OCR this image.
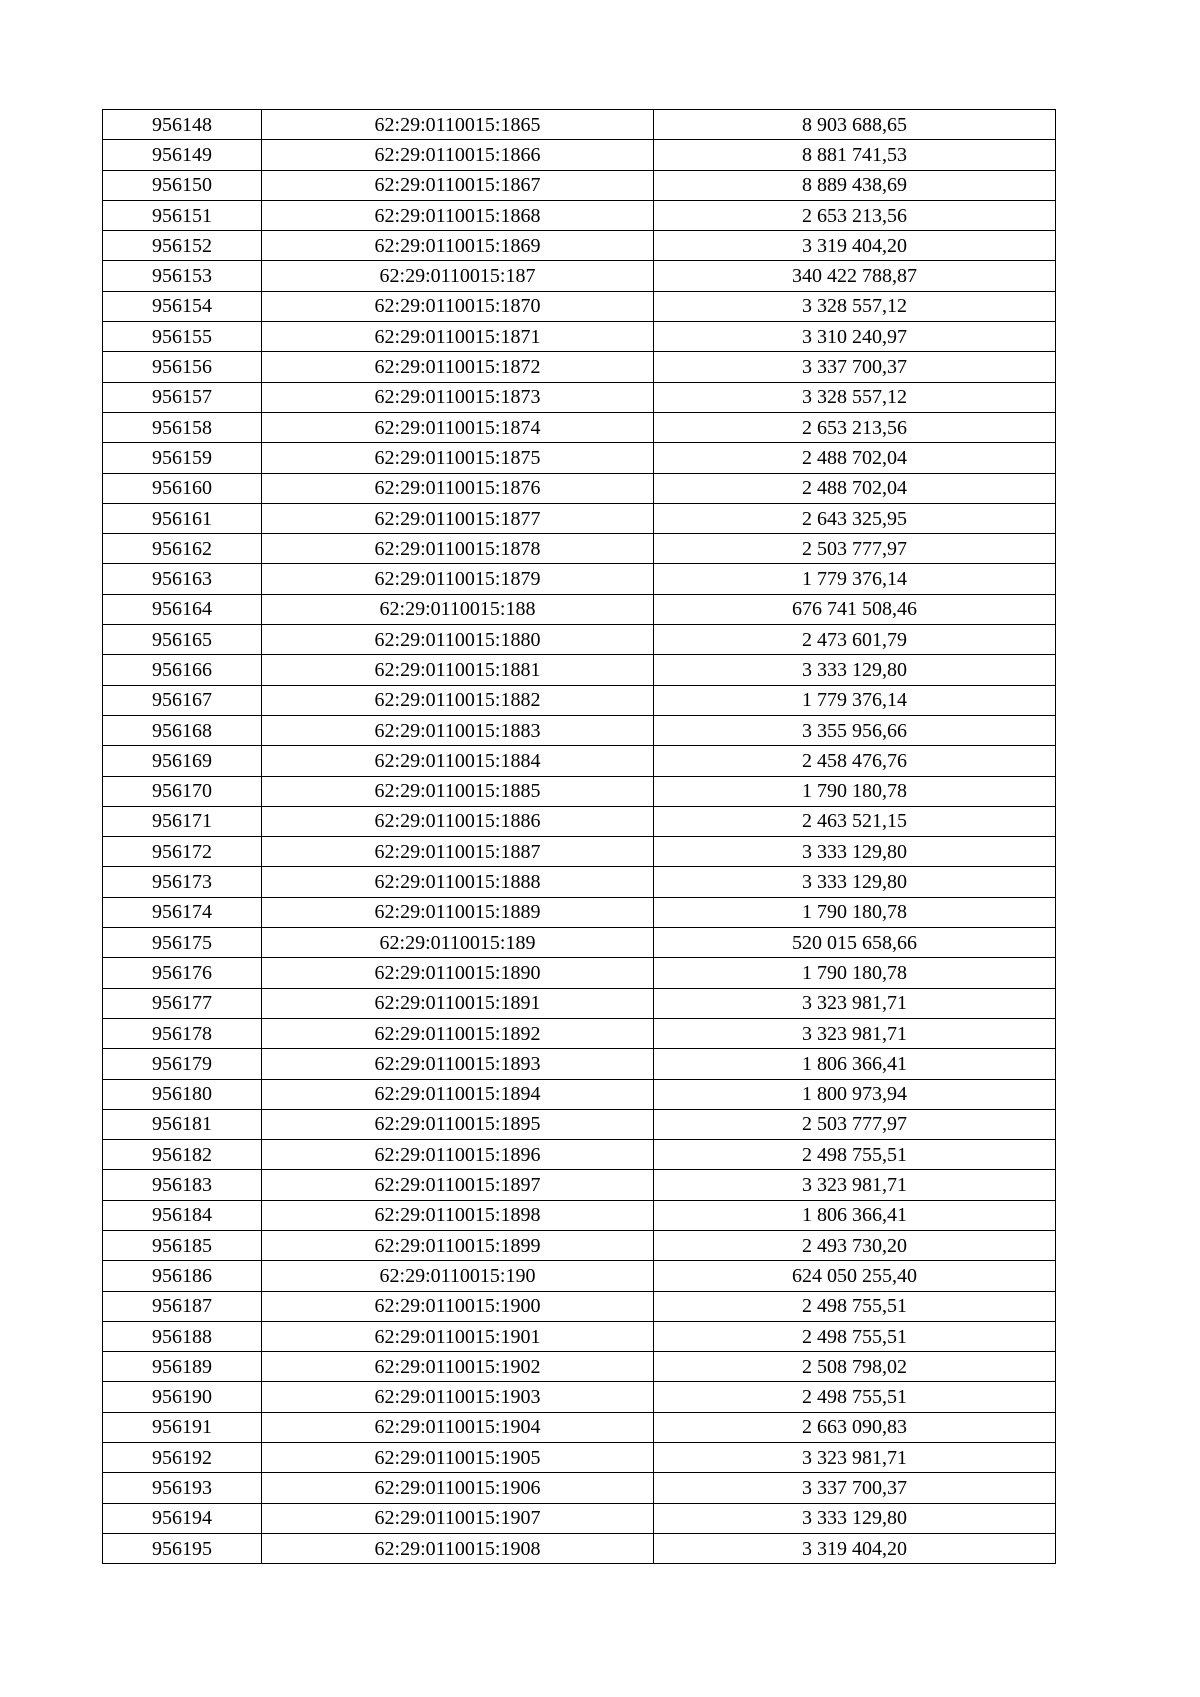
956148	62:29:0110015:1865	8 903 688,65
956149	62:29:0110015:1866	8 881 741,53
956150	62:29:0110015:1867	8 889 438,69
956151	62:29:0110015:1868	2 653 213,56
956152	62:29:0110015:1869	3 319 404,20
956153	62:29:0110015:187	340 422 788,87
956154	62:29:0110015:1870	3 328 557,12
956155	62:29:0110015:1871	3 310 240,97
956156	62:29:0110015:1872	3 337 700,37
956157	62:29:0110015:1873	3 328 557,12
956158	62:29:0110015:1874	2 653 213,56
956159	62:29:0110015:1875	2 488 702,04
956160	62:29:0110015:1876	2 488 702,04
956161	62:29:0110015:1877	2 643 325,95
956162	62:29:0110015:1878	2 503 777,97
956163	62:29:0110015:1879	1 779 376,14
956164	62:29:0110015:188	676 741 508,46
956165	62:29:0110015:1880	2 473 601,79
956166	62:29:0110015:1881	3 333 129,80
956167	62:29:0110015:1882	1 779 376,14
956168	62:29:0110015:1883	3 355 956,66
956169	62:29:0110015:1884	2 458 476,76
956170	62:29:0110015:1885	1 790 180,78
956171	62:29:0110015:1886	2 463 521,15
956172	62:29:0110015:1887	3 333 129,80
956173	62:29:0110015:1888	3 333 129,80
956174	62:29:0110015:1889	1 790 180,78
956175	62:29:0110015:189	520 015 658,66
956176	62:29:0110015:1890	1 790 180,78
956177	62:29:0110015:1891	3 323 981,71
956178	62:29:0110015:1892	3 323 981,71
956179	62:29:0110015:1893	1 806 366,41
956180	62:29:0110015:1894	1 800 973,94
956181	62:29:0110015:1895	2 503 777,97
956182	62:29:0110015:1896	2 498 755,51
956183	62:29:0110015:1897	3 323 981,71
956184	62:29:0110015:1898	1 806 366,41
956185	62:29:0110015:1899	2 493 730,20
956186	62:29:0110015:190	624 050 255,40
956187	62:29:0110015:1900	2 498 755,51
956188	62:29:0110015:1901	2 498 755,51
956189	62:29:0110015:1902	2 508 798,02
956190	62:29:0110015:1903	2 498 755,51
956191	62:29:0110015:1904	2 663 090,83
956192	62:29:0110015:1905	3 323 981,71
956193	62:29:0110015:1906	3 337 700,37
956194	62:29:0110015:1907	3 333 129,80
956195	62:29:0110015:1908	3 319 404,20
